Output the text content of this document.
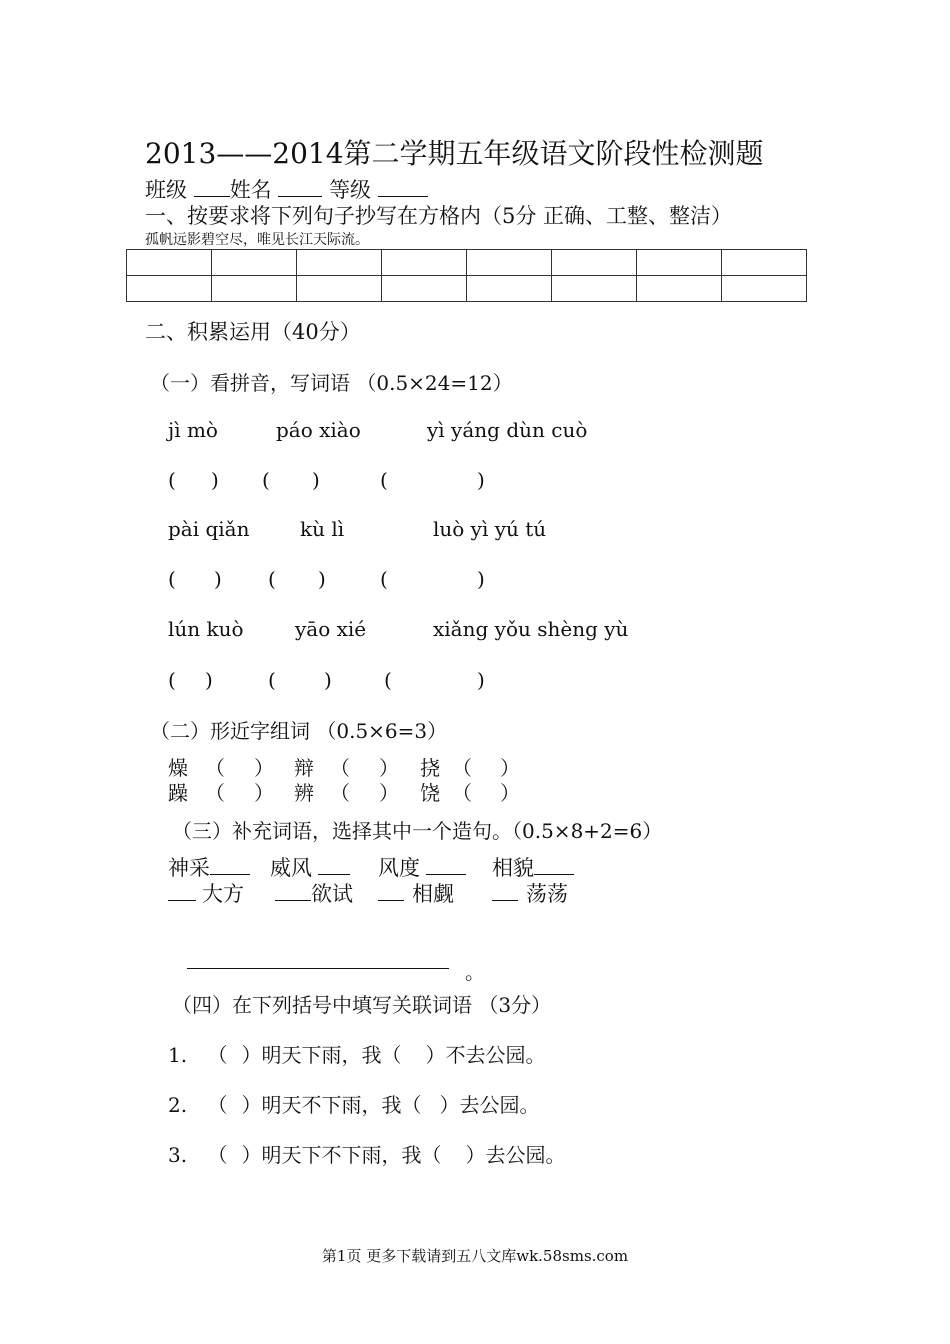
2013——2014第二学期五年级语文阶段性检测题
班级 姓名	等级
一、按要求将下列句子抄写在方格内（5分 正确、工整、整洁）
孤帆远影碧空尽，唯见长江天际流。

二、积累运用（40分）
（一）看拼音，写词语 （0.5×24=12）
jì mò	páo xiào	yì yáng dùn cuò
( ) ( )	(	)
pài qiǎn	kù lì	luò yì yú tú
( ) ( )	(	)
lún kuò	yāo xié	xiǎng yǒu shèng yù
( )	( )	(	)
（二）形近字组词 （0.5×6=3）
燥 （ ） 辩 （ ） 挠 （ ）
躁 （ ） 辨 （ ） 饶 （ ）
（三）补充词语，选择其中一个造句。（0.5×8+2=6）
神采	威风	风度	相貌
大方	欲试	相觑	荡荡
。
（四）在下列括号中填写关联词语 （3分）
1. （ ）明天下雨，我（ ）不去公园。
2. （ ）明天不下雨，我（ ）去公园。
3. （ ）明天下不下雨，我（ ）去公园。
第1页 更多下载请到五八文库wk.58sms.com
